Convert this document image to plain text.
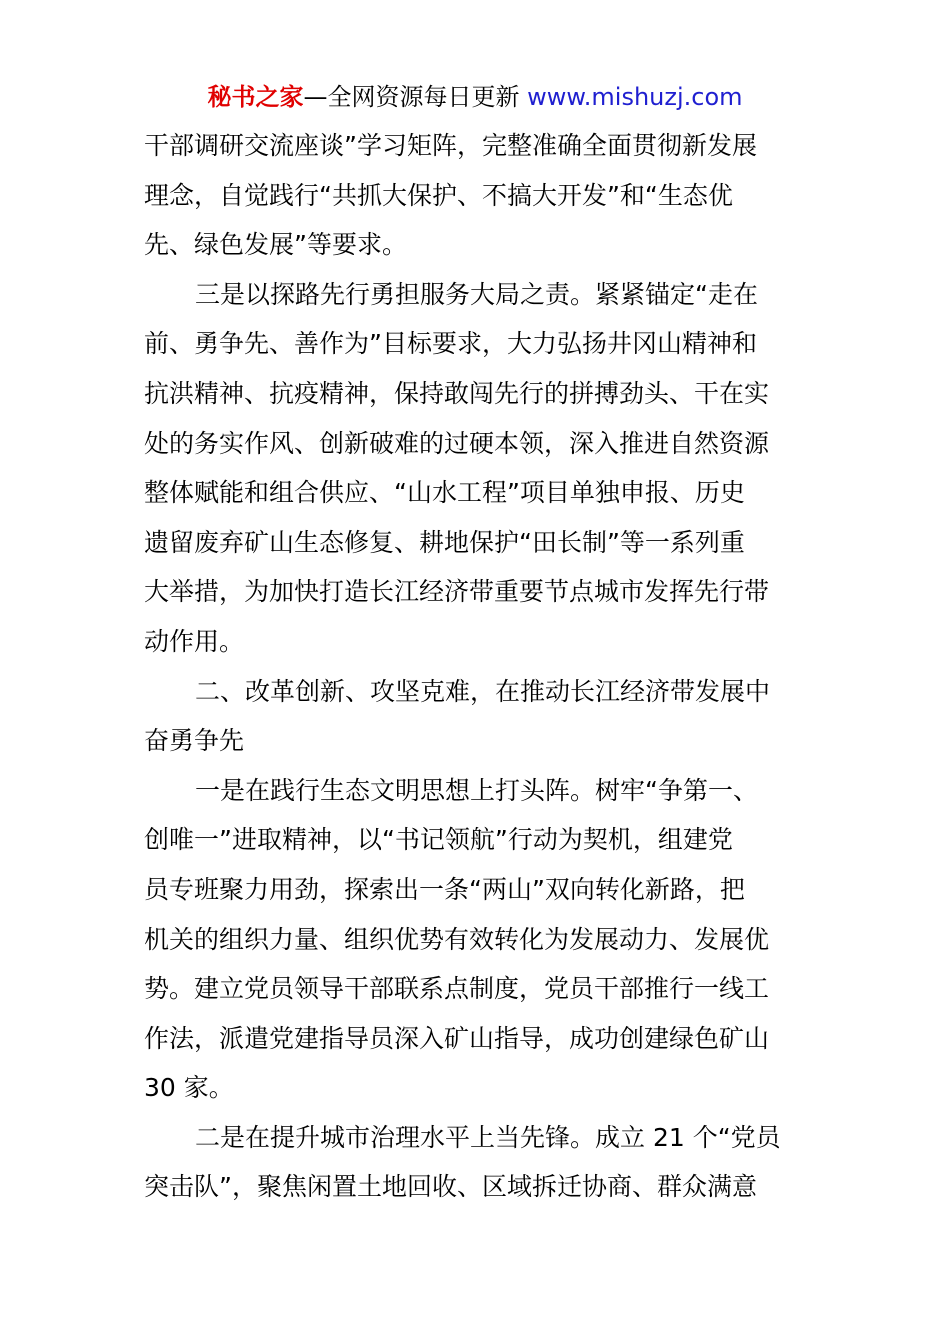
秘书之家—全网资源每日更新 www.mishuzj.com
干部调研交流座谈”学习矩阵，完整准确全面贯彻新发展
理念，自觉践行“共抓大保护、不搞大开发”和“生态优
先、绿色发展”等要求。
三是以探路先行勇担服务大局之责。紧紧锚定“走在
前、勇争先、善作为”目标要求，大力弘扬井冈山精神和
抗洪精神、抗疫精神，保持敢闯先行的拼搏劲头、干在实
处的务实作风、创新破难的过硬本领，深入推进自然资源
整体赋能和组合供应、“山水工程”项目单独申报、历史
遗留废弃矿山生态修复、耕地保护“田长制”等一系列重
大举措，为加快打造长江经济带重要节点城市发挥先行带
动作用。
二、改革创新、攻坚克难，在推动长江经济带发展中
奋勇争先
一是在践行生态文明思想上打头阵。树牢“争第一、
创唯一”进取精神，以“书记领航”行动为契机，组建党
员专班聚力用劲，探索出一条“两山”双向转化新路，把
机关的组织力量、组织优势有效转化为发展动力、发展优
势。建立党员领导干部联系点制度，党员干部推行一线工
作法，派遣党建指导员深入矿山指导，成功创建绿色矿山
30 家。
二是在提升城市治理水平上当先锋。成立 21 个“党员
突击队”，聚焦闲置土地回收、区域拆迁协商、群众满意
